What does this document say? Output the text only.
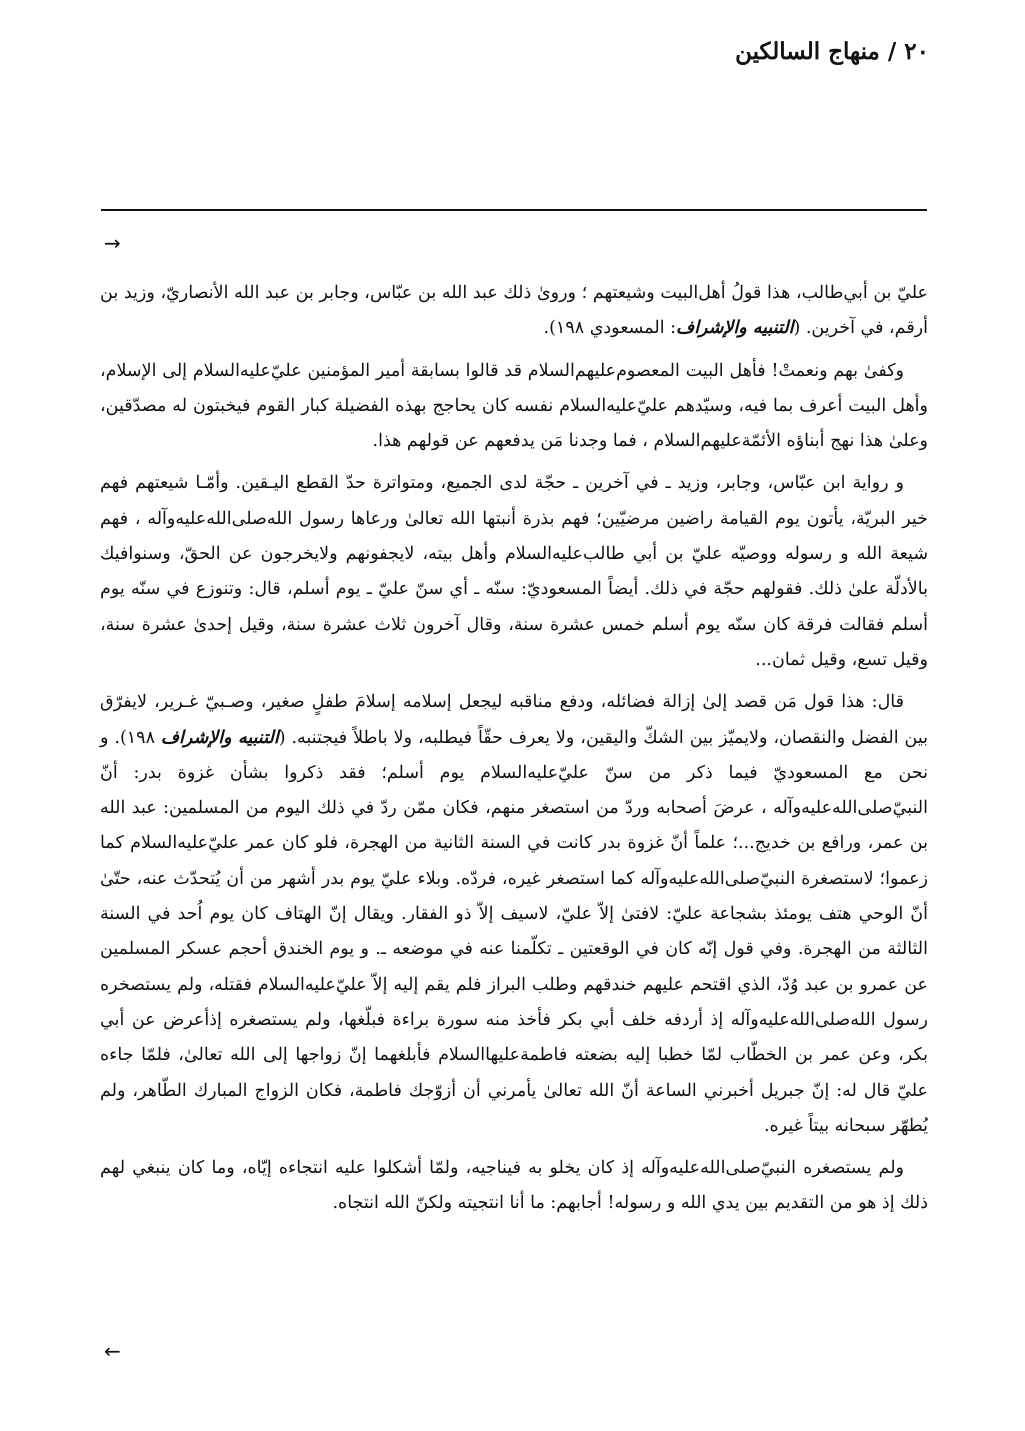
٢٠/منهاج السالكين
→

عليّ بن أبي‌طالب، هذا قولُ أهل‌البيت وشيعتهم ؛ وروىٰ ذلك عبد الله بن عبّاس، وجابر بن عبد الله الأنصاريّ، وزيد بن أرقم، في آخرين. (التنبيه والإشراف: المسعودي ١٩٨).

وكفىٰ بهم ونعمتْ! فأهل البيت المعصوم‌عليهم‌السلام قد قالوا بسابقة أمير المؤمنين عليّ‌عليه‌السلام إلى الإسلام، وأهل البيت أعرف بما فيه، وسيّدهم عليّ‌عليه‌السلام نفسه كان يحاجج بهذه الفضيلة كبار القوم فيخبتون له مصدّقين، وعلىٰ هذا نهج أبناؤه الأئمّة‌عليهم‌السلام ، فما وجدنا مَن يدفعهم عن قولهم هذا.

و رواية ابن عبّاس، وجابر، وزيد ـ في آخرين ـ حجّة لدى الجميع، ومتواترة حدّ القطع اليـقين. وأمّـا شيعتهم فهم خير البريّة، يأتون يوم القيامة راضين مرضيّين؛ فهم بذرة أنبتها الله تعالىٰ ورعاها رسول الله‌صلى‌الله‌عليه‌وآله ، فهم شيعة الله و رسوله ووصيّه عليّ بن أبي طالب‌عليه‌السلام وأهل بيته، لايجفونهم ولايخرجون عن الحقّ، وسنوافيك بالأدلّة علىٰ ذلك. فقولهم حجّة في ذلك. أيضاً المسعوديّ: سنّه ـ أي سنّ عليّ ـ يوم أسلم، قال: وتنوزع في سنّه يوم أسلم فقالت فرقة كان سنّه يوم أسلم خمس عشرة سنة، وقال آخرون ثلاث عشرة سنة، وقيل إحدىٰ عشرة سنة، وقيل تسع، وقيل ثمان...

قال: هذا قول مَن قصد إلىٰ إزالة فضائله، ودفع مناقبه ليجعل إسلامه إسلامَ طفلٍ صغير، وصـبيّ غـرير، لايفرّق بين الفضل والنقصان، ولايميّز بين الشكّ واليقين، ولا يعرف حقّاً فيطلبه، ولا باطلاً فيجتنبه. (التنبيه والإشراف ١٩٨). و نحن مع المسعوديّ فيما ذكر من سنّ عليّ‌عليه‌السلام يوم أسلم؛ فقد ذكروا بشأن غزوة بدر: أنّ النبيّ‌صلى‌الله‌عليه‌وآله ، عرضَ أصحابه وردّ من استصغر منهم، فكان ممّن ردّ في ذلك اليوم من المسلمين: عبد الله بن عمر، ورافع بن خديج...؛ علماً أنّ غزوة بدر كانت في السنة الثانية من الهجرة، فلو كان عمر عليّ‌عليه‌السلام كما زعموا؛ لاستصغرة النبيّ‌صلى‌الله‌عليه‌وآله كما استصغر غيره، فردّه. وبلاء عليّ يوم بدر أشهر من أن يُتحدّث عنه، حتّىٰ أنّ الوحي هتف يومئذ بشجاعة عليّ: لافتىٰ إلاّ عليّ، لاسيف إلاّ ذو الفقار. ويقال إنّ الهتاف كان يوم اُحد في السنة الثالثة من الهجرة. وفي قول إنّه كان في الوقعتين ـ تكلّمنا عنه في موضعه ـ. و يوم الخندق أحجم عسكر المسلمين عن عمرو بن عبد وُدّ، الذي اقتحم عليهم خندقهم وطلب البراز فلم يقم إليه إلاّ عليّ‌عليه‌السلام فقتله، ولم يستصخره رسول الله‌صلى‌الله‌عليه‌وآله إذ أردفه خلف أبي بكر فأخذ منه سورة براءة فبلّغها، ولم يستصغره إذأعرض عن أبي بكر، وعن عمر بن الخطّاب لمّا خطبا إليه بضعته فاطمة‌عليها‌السلام فأبلغهما إنّ زواجها إلى الله تعالىٰ، فلمّا جاءه عليّ قال له: إنّ جبريل أخبرني الساعة أنّ الله تعالىٰ يأمرني أن أزوّجك فاطمة، فكان الزواج المبارك الطّاهر، ولم يُطهّر سبحانه بيتاً غيره.

ولم يستصغره النبيّ‌صلى‌الله‌عليه‌وآله إذ كان يخلو به فيناجيه، ولمّا أشكلوا عليه انتجاءه إيّاه، وما كان ينبغي لهم ذلك إذ هو من التقديم بين يدي الله و رسوله! أجابهم: ما أنا انتجيته ولكنّ الله انتجاه.

←
